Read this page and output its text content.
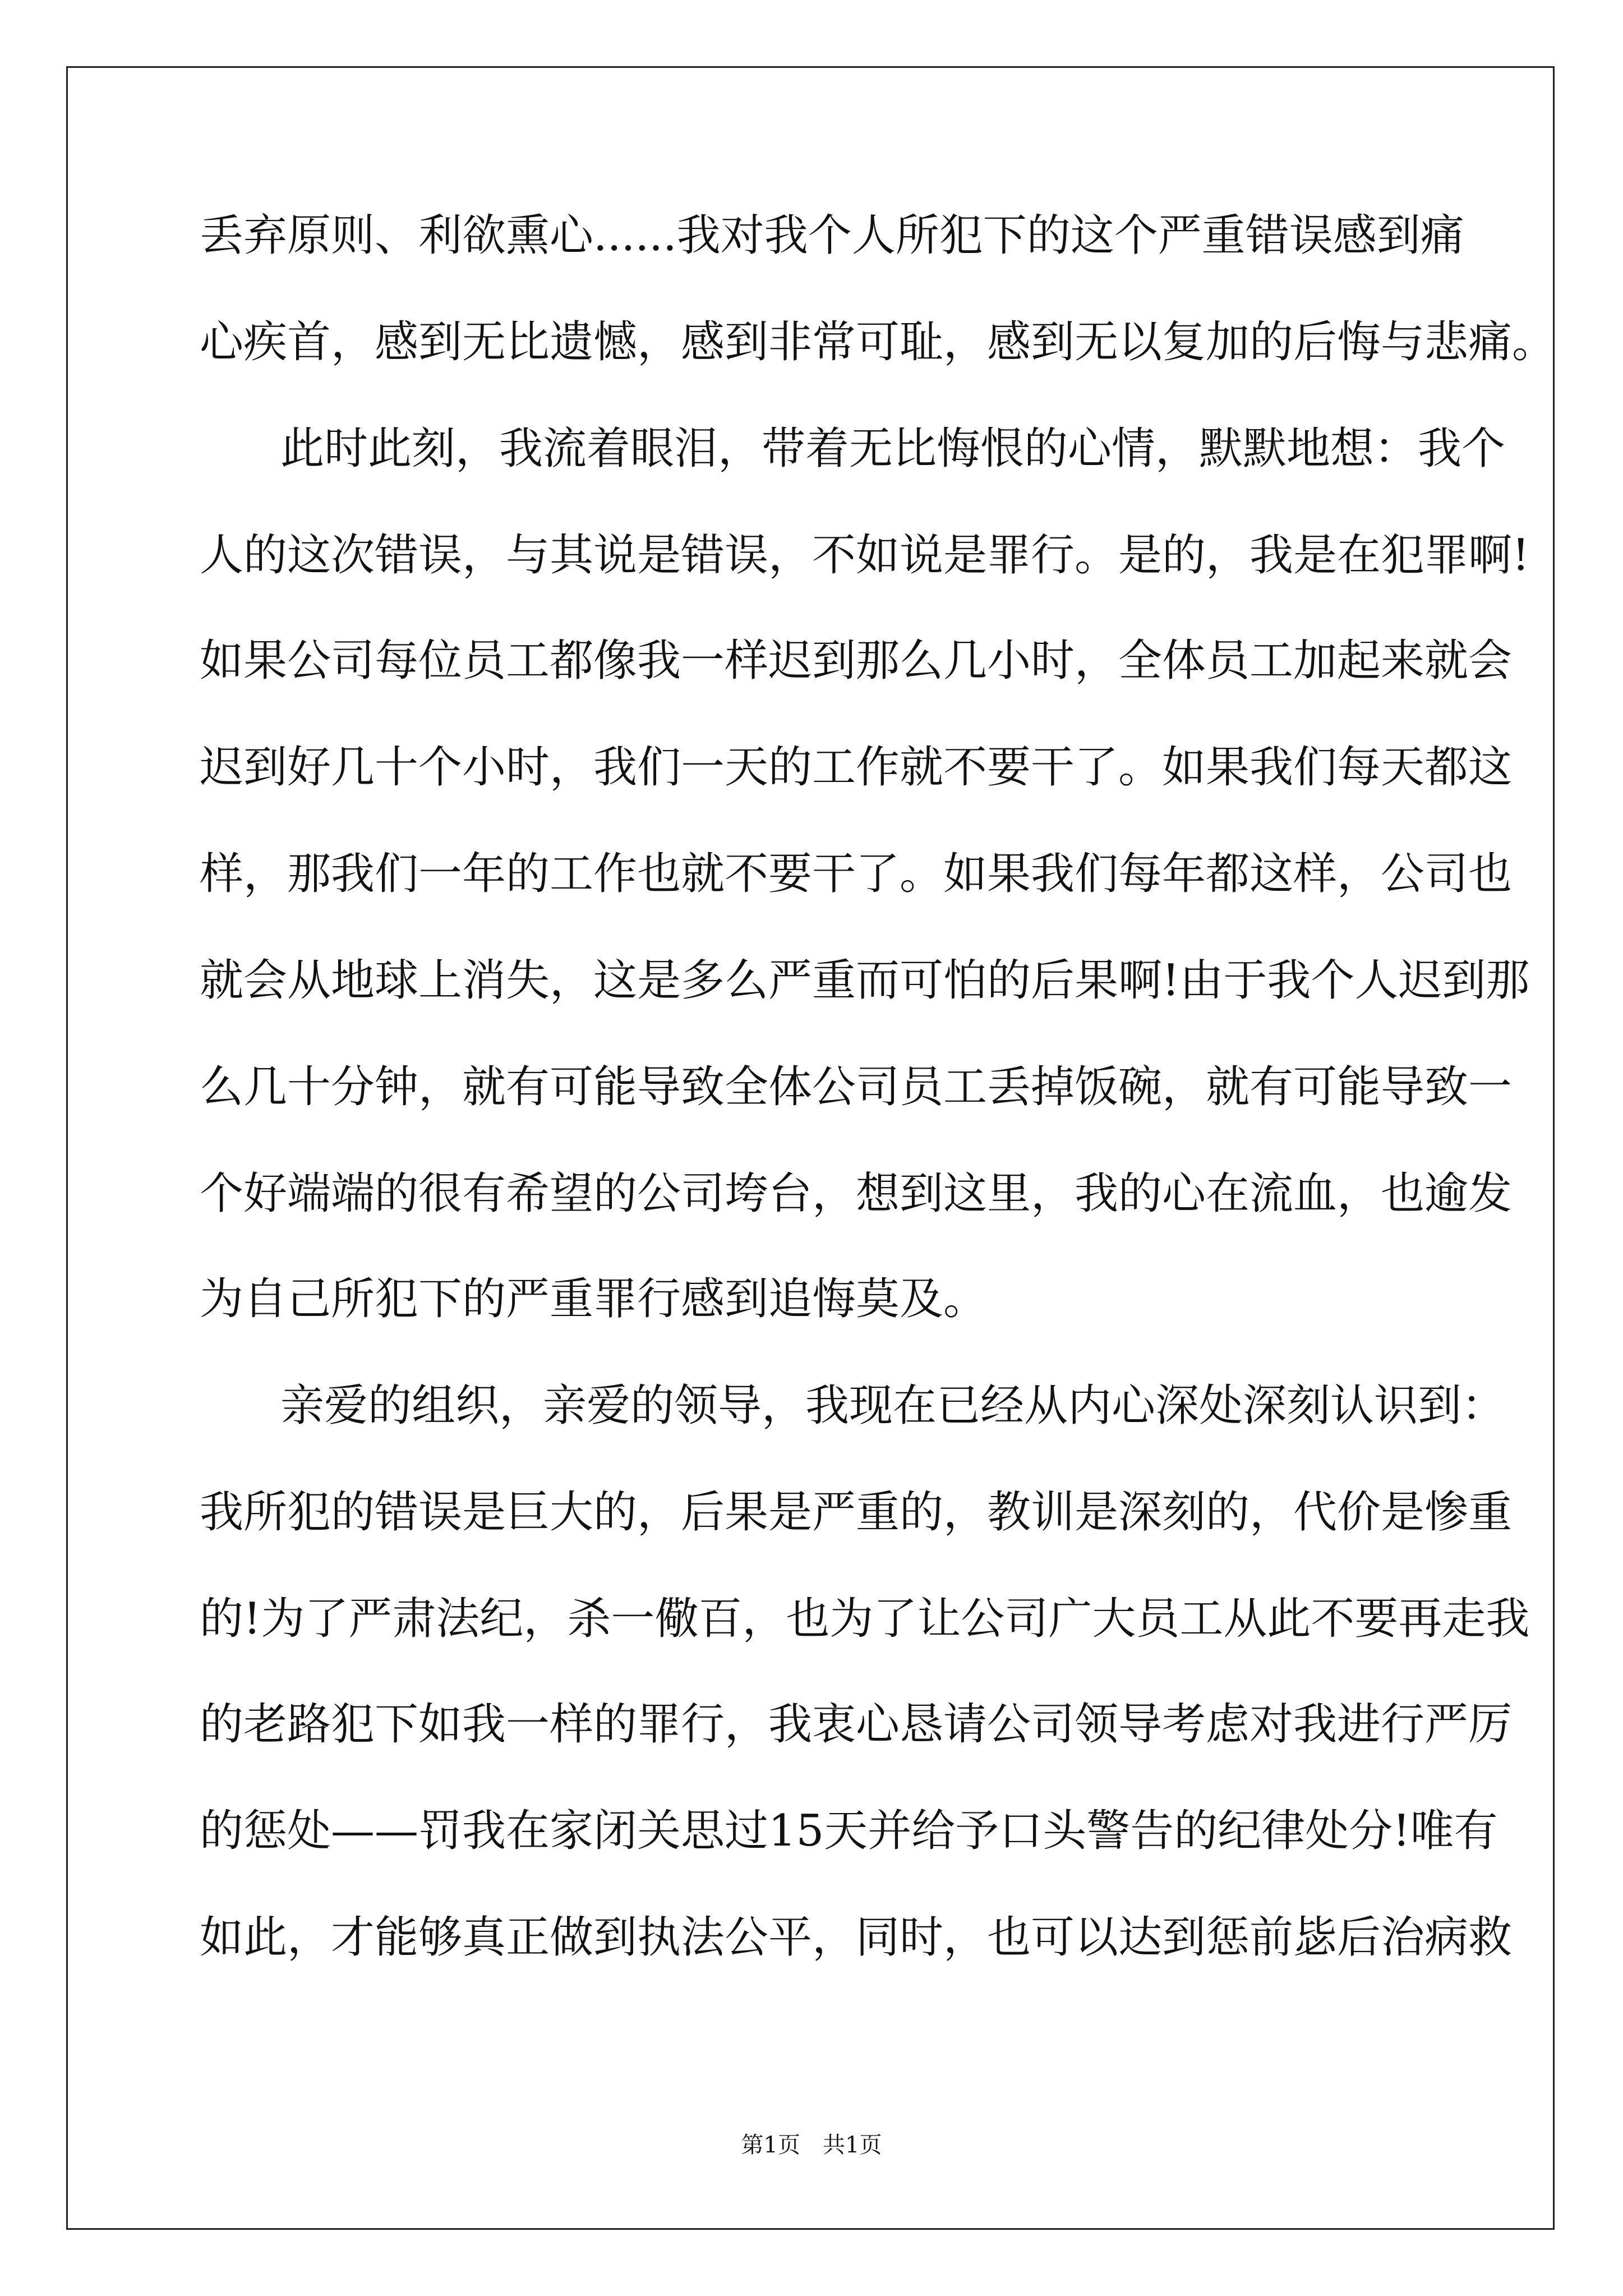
丢弃原则、利欲熏心......我对我个人所犯下的这个严重错误感到痛
心疾首，感到无比遗憾，感到非常可耻，感到无以复加的后悔与悲痛。
此时此刻，我流着眼泪，带着无比悔恨的心情，默默地想：我个
人的这次错误，与其说是错误，不如说是罪行。是的，我是在犯罪啊!
如果公司每位员工都像我一样迟到那么几小时，全体员工加起来就会
迟到好几十个小时，我们一天的工作就不要干了。如果我们每天都这
样，那我们一年的工作也就不要干了。如果我们每年都这样，公司也
就会从地球上消失，这是多么严重而可怕的后果啊!由于我个人迟到那
么几十分钟，就有可能导致全体公司员工丢掉饭碗，就有可能导致一
个好端端的很有希望的公司垮台，想到这里，我的心在流血，也逾发
为自己所犯下的严重罪行感到追悔莫及。
亲爱的组织，亲爱的领导，我现在已经从内心深处深刻认识到：
我所犯的错误是巨大的，后果是严重的，教训是深刻的，代价是惨重
的!为了严肃法纪，杀一儆百，也为了让公司广大员工从此不要再走我
的老路犯下如我一样的罪行，我衷心恳请公司领导考虑对我进行严厉
的惩处——罚我在家闭关思过15天并给予口头警告的纪律处分!唯有
如此，才能够真正做到执法公平，同时，也可以达到惩前毖后治病救
第1页 共1页
